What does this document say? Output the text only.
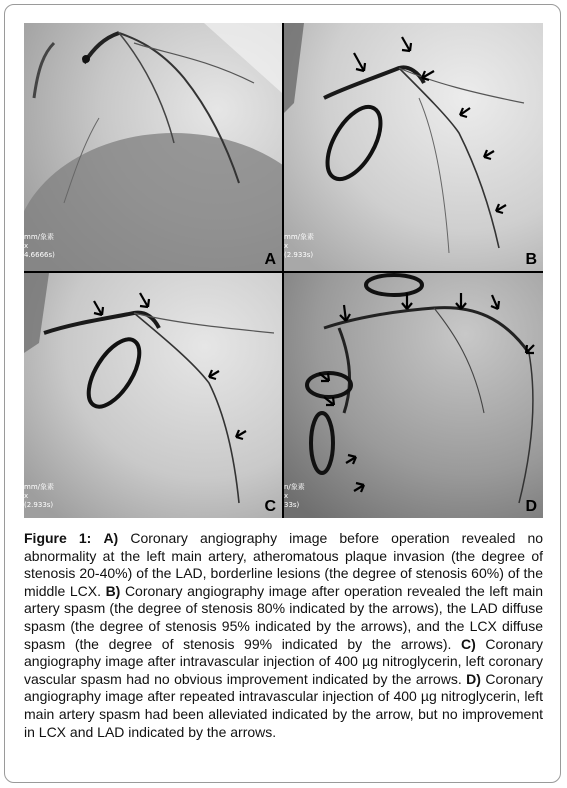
mm/象素
x
4.6666s)	A
mm/象素
x
(2.933s)	B
mm/象素
x
(2.933s)	C
n/象素
x
33s)	D
Figure 1: A) Coronary angiography image before operation revealed no abnormality at the left main artery, atheromatous plaque invasion (the degree of stenosis 20-40%) of the LAD, borderline lesions (the degree of stenosis 60%) of the middle LCX. B) Coronary angiography image after operation revealed the left main artery spasm (the degree of stenosis 80% indicated by the arrows), the LAD diffuse spasm (the degree of stenosis 95% indicated by the arrows), and the LCX diffuse spasm (the degree of stenosis 99% indicated by the arrows). C) Coronary angiography image after intravascular injection of 400 µg nitroglycerin, left coronary vascular spasm had no obvious improvement indicated by the arrows. D) Coronary angiography image after repeated intravascular injection of 400 µg nitroglycerin, left main artery spasm had been alleviated indicated by the arrow, but no improvement in LCX and LAD indicated by the arrows.
